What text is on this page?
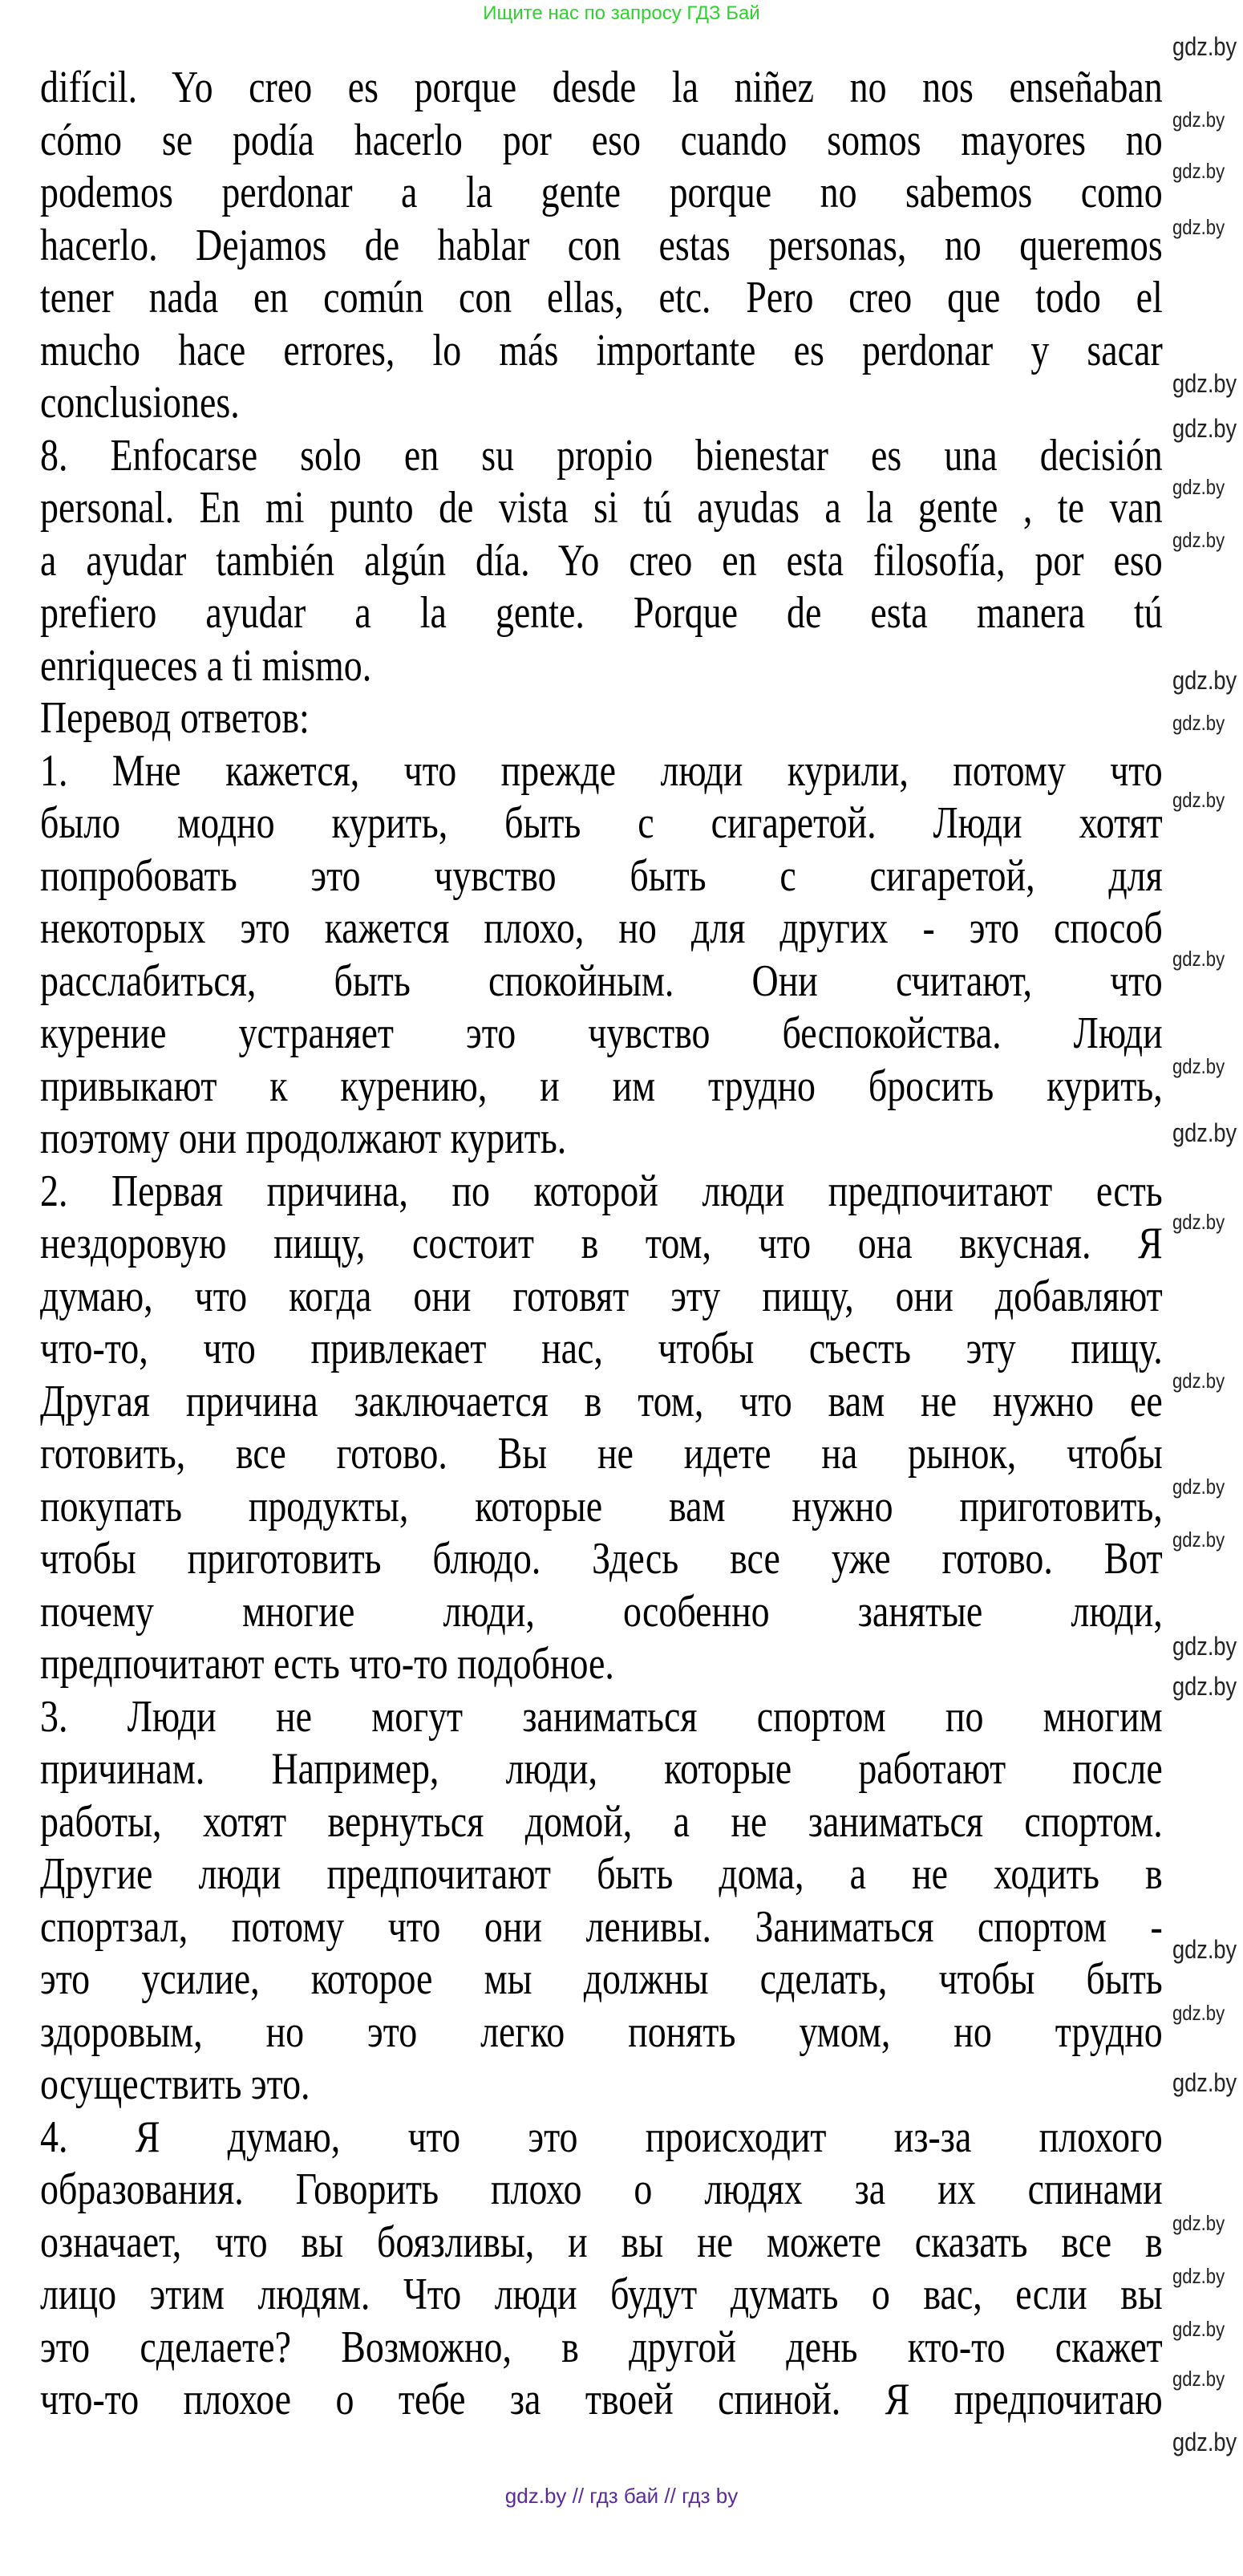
Ищите нас по запросу ГДЗ Бай
difícil. Yo creo es porque desde la niñez no nos enseñaban
cómo se podía hacerlo por eso cuando somos mayores no
podemos perdonar a la gente porque no sabemos como
hacerlo. Dejamos de hablar con estas personas, no queremos
tener nada en común con ellas, etc. Pero creo que todo el
mucho hace errores, lo más importante es perdonar y sacar
conclusiones.
8. Enfocarse solo en su propio bienestar es una decisión
personal. En mi punto de vista si tú ayudas a la gente , te van
a ayudar también algún día. Yo creo en esta filosofía, por eso
prefiero ayudar a la gente. Porque de esta manera tú
enriqueces a ti mismo.
Перевод ответов:
1. Мне кажется, что прежде люди курили, потому что
было модно курить, быть с сигаретой. Люди хотят
попробовать это чувство быть с сигаретой, для
некоторых это кажется плохо, но для других - это способ
расслабиться, быть спокойным. Они считают, что
курение устраняет это чувство беспокойства. Люди
привыкают к курению, и им трудно бросить курить,
поэтому они продолжают курить.
2. Первая причина, по которой люди предпочитают есть
нездоровую пищу, состоит в том, что она вкусная. Я
думаю, что когда они готовят эту пищу, они добавляют
что-то, что привлекает нас, чтобы съесть эту пищу.
Другая причина заключается в том, что вам не нужно ее
готовить, все готово. Вы не идете на рынок, чтобы
покупать продукты, которые вам нужно приготовить,
чтобы приготовить блюдо. Здесь все уже готово. Вот
почему многие люди, особенно занятые люди,
предпочитают есть что-то подобное.
3. Люди не могут заниматься спортом по многим
причинам. Например, люди, которые работают после
работы, хотят вернуться домой, а не заниматься спортом.
Другие люди предпочитают быть дома, а не ходить в
спортзал, потому что они ленивы. Заниматься спортом -
это усилие, которое мы должны сделать, чтобы быть
здоровым, но это легко понять умом, но трудно
осуществить это.
4. Я думаю, что это происходит из-за плохого
образования. Говорить плохо о людях за их спинами
означает, что вы боязливы, и вы не можете сказать все в
лицо этим людям. Что люди будут думать о вас, если вы
это сделаете? Возможно, в другой день кто-то скажет
что-то плохое о тебе за твоей спиной. Я предпочитаю
gdz.by
gdz.by
gdz.by
gdz.by
gdz.by
gdz.by
gdz.by
gdz.by
gdz.by
gdz.by
gdz.by
gdz.by
gdz.by
gdz.by
gdz.by
gdz.by
gdz.by
gdz.by
gdz.by
gdz.by
gdz.by
gdz.by
gdz.by
gdz.by
gdz.by
gdz.by
gdz.by
gdz.by
gdz.by // гдз бай // гдз by
